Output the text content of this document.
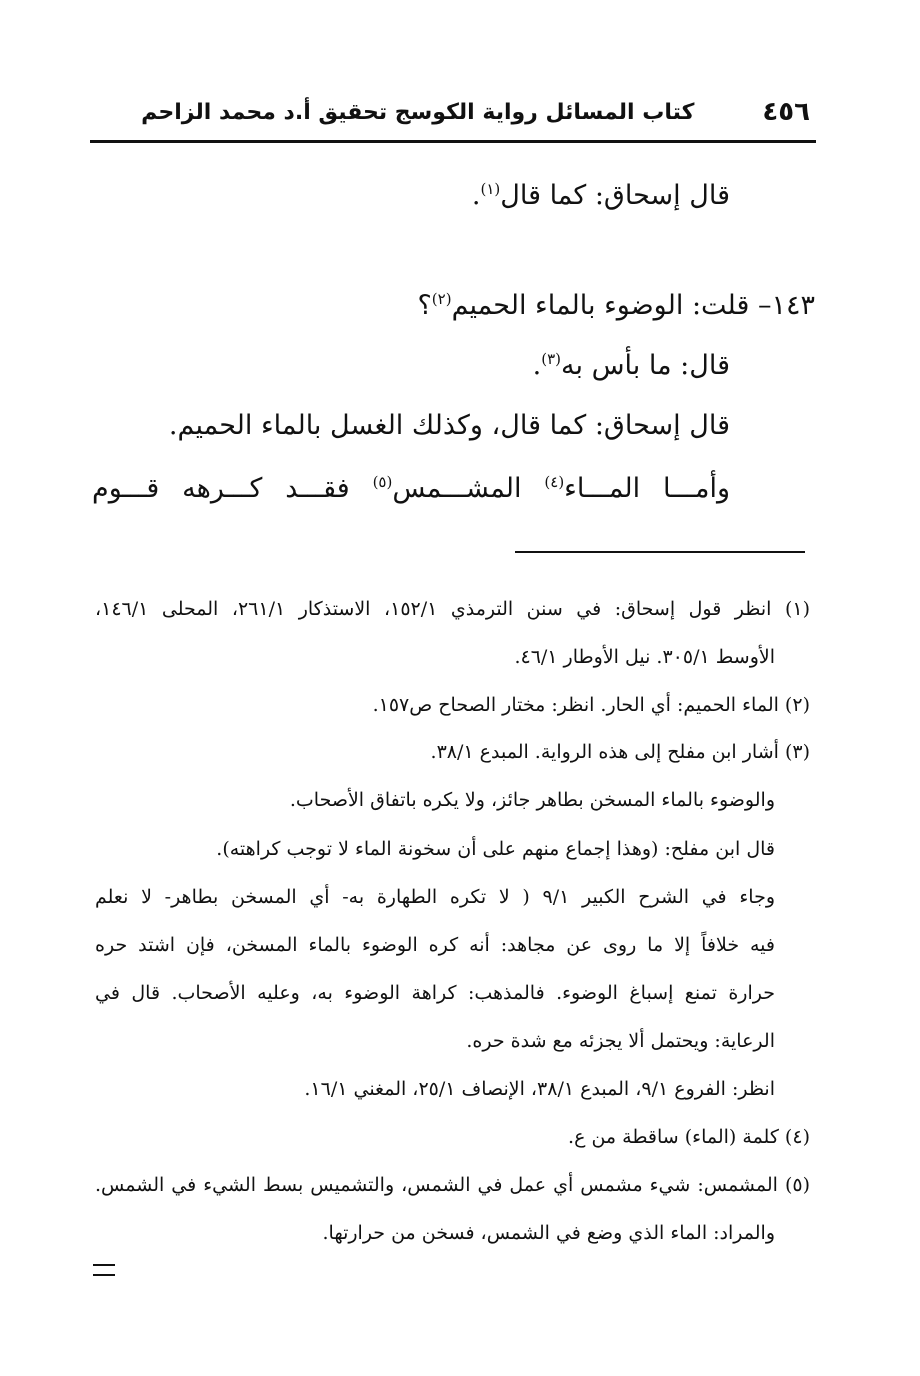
٤٥٦
كتاب المسائل رواية الكوسج تحقيق أ.د محمد الزاحم
قال إسحاق: كما قال$^{(١)}$.
١٤٣– قلت: الوضوء بالماء الحميم$^{(٢)}$؟
قال: ما بأس به$^{(٣)}$.
قال إسحاق: كما قال، وكذلك الغسل بالماء الحميم.
وأمـــا المـــاء$^{(٤)}$ المشـــمس$^{(٥)}$ فقـــد كـــرهه قـــوم
(١) انظر قول إسحاق: في سنن الترمذي ١٥٢/١، الاستذكار ٢٦١/١، المحلى ١٤٦/١،
الأوسط ٣٠٥/١. نيل الأوطار ٤٦/١.
(٢) الماء الحميم: أي الحار. انظر: مختار الصحاح ص١٥٧.
(٣) أشار ابن مفلح إلى هذه الرواية. المبدع ٣٨/١.
والوضوء بالماء المسخن بطاهر جائز، ولا يكره باتفاق الأصحاب.
قال ابن مفلح: (وهذا إجماع منهم على أن سخونة الماء لا توجب كراهته).
وجاء في الشرح الكبير ٩/١ ( لا تكره الطهارة به- أي المسخن بطاهر- لا نعلم
فيه خلافاً إلا ما روى عن مجاهد: أنه كره الوضوء بالماء المسخن، فإن اشتد حره
حرارة تمنع إسباغ الوضوء. فالمذهب: كراهة الوضوء به، وعليه الأصحاب. قال في
الرعاية: ويحتمل ألا يجزئه مع شدة حره.
انظر: الفروع ٩/١، المبدع ٣٨/١، الإنصاف ٢٥/١، المغني ١٦/١.
(٤) كلمة (الماء) ساقطة من ع.
(٥) المشمس: شيء مشمس أي عمل في الشمس، والتشميس بسط الشيء في الشمس.
والمراد: الماء الذي وضع في الشمس، فسخن من حرارتها.
